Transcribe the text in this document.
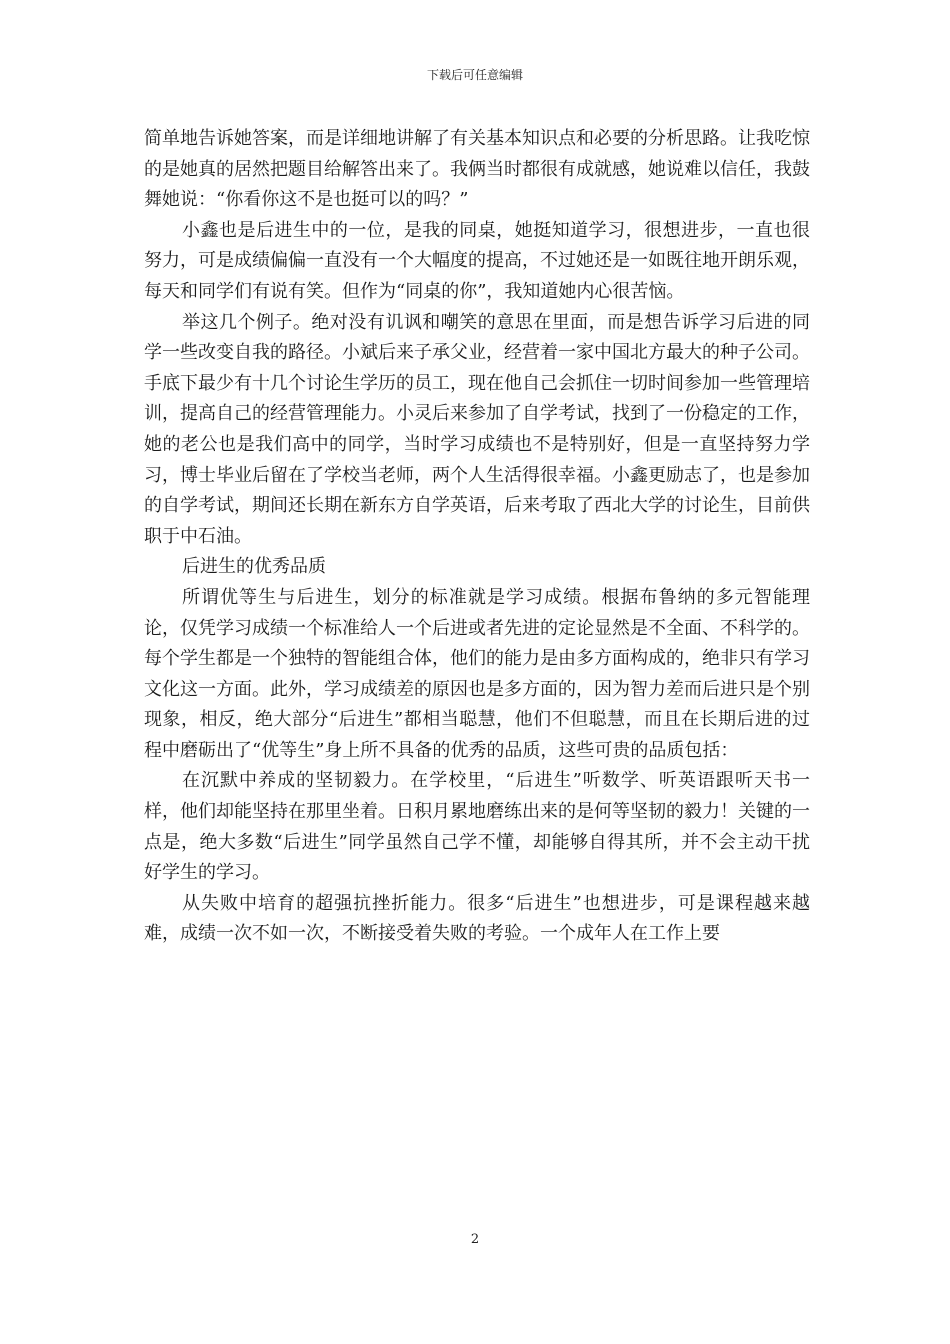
下载后可任意编辑

简单地告诉她答案，而是详细地讲解了有关基本知识点和必要的分析思路。让我吃惊的是她真的居然把题目给解答出来了。我俩当时都很有成就感，她说难以信任，我鼓舞她说：“你看你这不是也挺可以的吗？”

小鑫也是后进生中的一位，是我的同桌，她挺知道学习，很想进步，一直也很努力，可是成绩偏偏一直没有一个大幅度的提高，不过她还是一如既往地开朗乐观，每天和同学们有说有笑。但作为“同桌的你”，我知道她内心很苦恼。

举这几个例子。绝对没有讥讽和嘲笑的意思在里面，而是想告诉学习后进的同学一些改变自我的路径。小斌后来子承父业，经营着一家中国北方最大的种子公司。手底下最少有十几个讨论生学历的员工，现在他自己会抓住一切时间参加一些管理培训，提高自己的经营管理能力。小灵后来参加了自学考试，找到了一份稳定的工作，她的老公也是我们高中的同学，当时学习成绩也不是特别好，但是一直坚持努力学习，博士毕业后留在了学校当老师，两个人生活得很幸福。小鑫更励志了，也是参加的自学考试，期间还长期在新东方自学英语，后来考取了西北大学的讨论生，目前供职于中石油。

后进生的优秀品质

所谓优等生与后进生，划分的标准就是学习成绩。根据布鲁纳的多元智能理论，仅凭学习成绩一个标准给人一个后进或者先进的定论显然是不全面、不科学的。每个学生都是一个独特的智能组合体，他们的能力是由多方面构成的，绝非只有学习文化这一方面。此外，学习成绩差的原因也是多方面的，因为智力差而后进只是个别现象，相反，绝大部分“后进生”都相当聪慧，他们不但聪慧，而且在长期后进的过程中磨砺出了“优等生”身上所不具备的优秀的品质，这些可贵的品质包括：

在沉默中养成的坚韧毅力。在学校里，“后进生”听数学、听英语跟听天书一样，他们却能坚持在那里坐着。日积月累地磨练出来的是何等坚韧的毅力！关键的一点是，绝大多数“后进生”同学虽然自己学不懂，却能够自得其所，并不会主动干扰好学生的学习。

从失败中培育的超强抗挫折能力。很多“后进生”也想进步，可是课程越来越难，成绩一次不如一次，不断接受着失败的考验。一个成年人在工作上要

2
